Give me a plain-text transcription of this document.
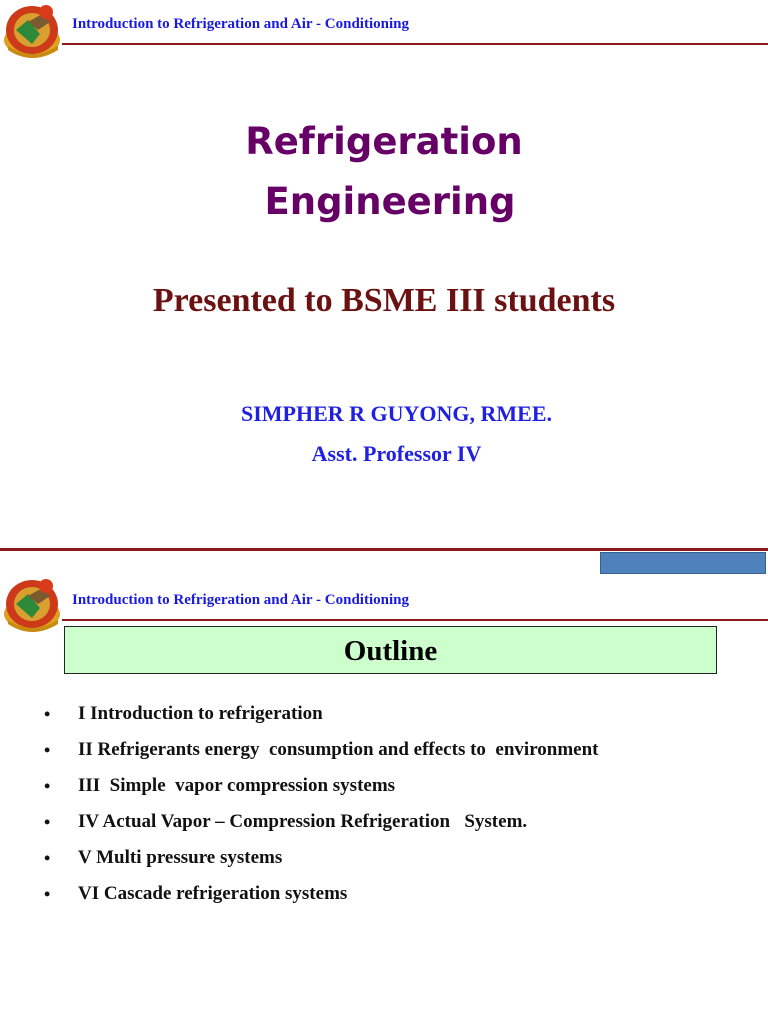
Introduction to Refrigeration and Air - Conditioning
Refrigeration
Engineering
Presented to BSME III students
SIMPHER R GUYONG, RMEE.
Asst. Professor IV
Introduction to Refrigeration and Air - Conditioning
Outline
• I Introduction to refrigeration
• II Refrigerants energy  consumption and effects to  environment
• III  Simple  vapor compression systems
• IV Actual Vapor – Compression Refrigeration   System.
• V Multi pressure systems
• VI Cascade refrigeration systems
